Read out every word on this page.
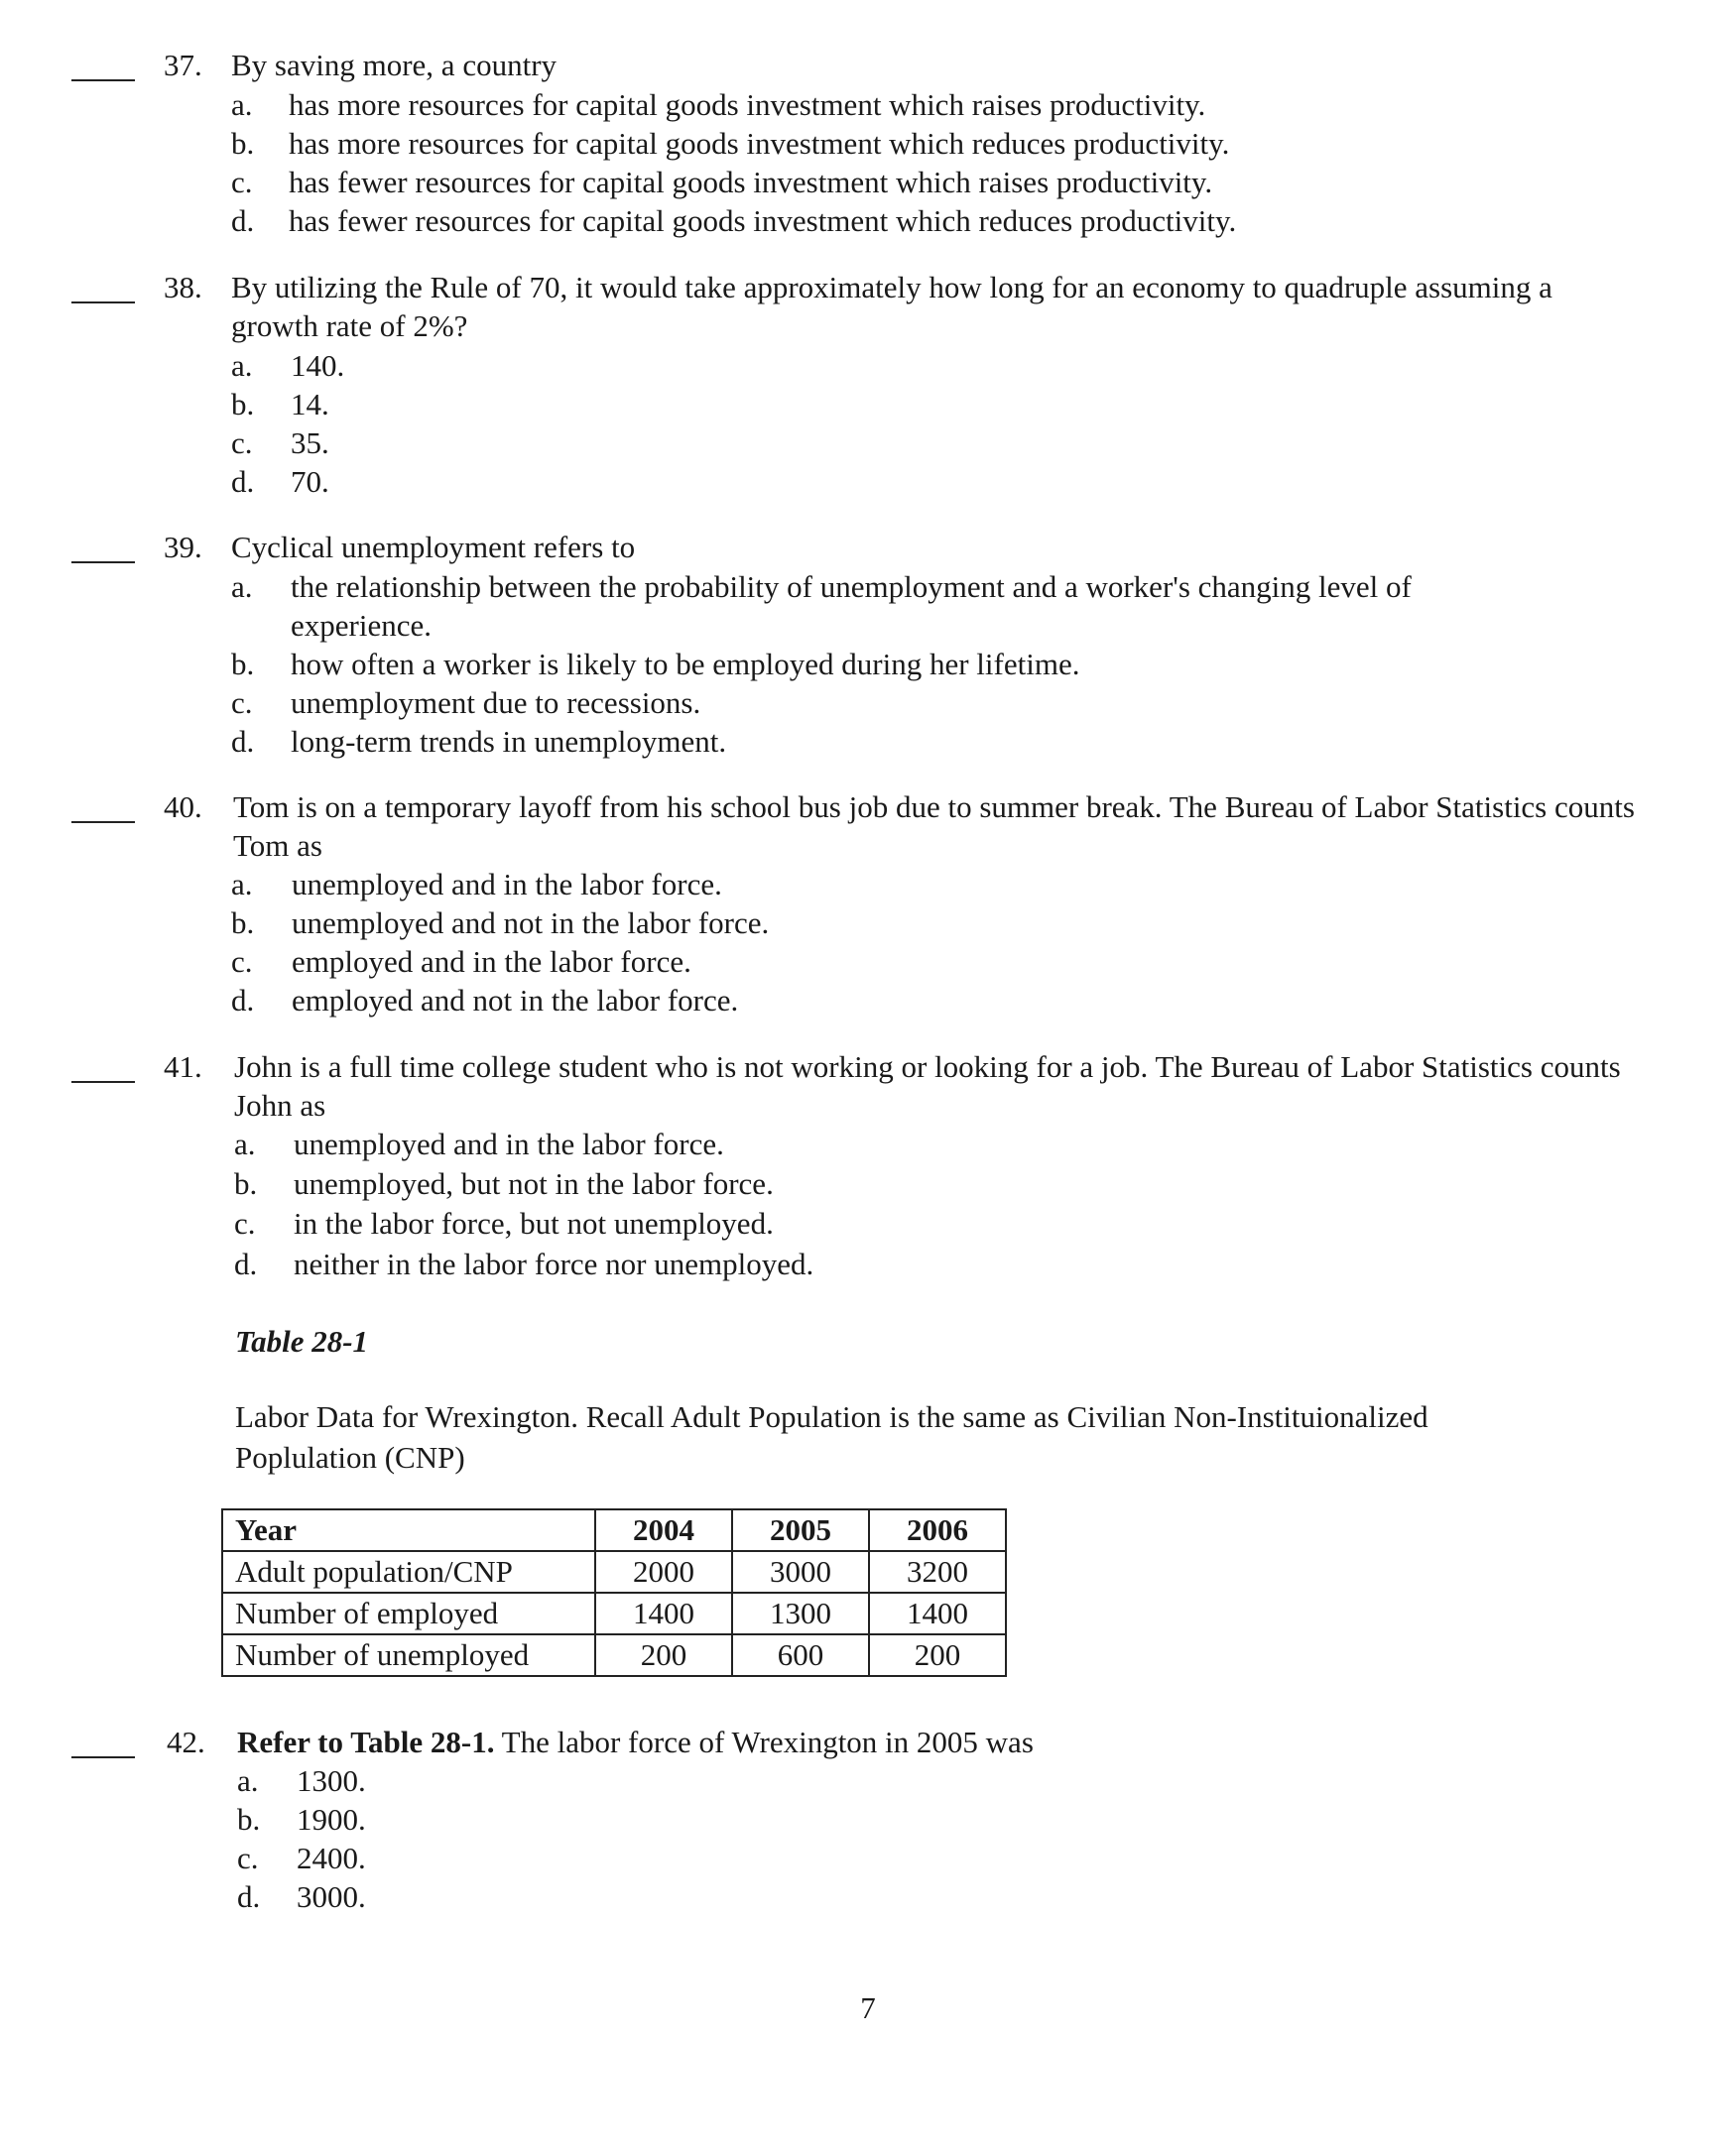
37. By saving more, a country
a.	has more resources for capital goods investment which raises productivity.
b.	has more resources for capital goods investment which reduces productivity.
c.	has fewer resources for capital goods investment which raises productivity.
d.	has fewer resources for capital goods investment which reduces productivity.
38. By utilizing the Rule of 70, it would take approximately how long for an economy to quadruple assuming a growth rate of 2%?
a.	140.
b.	14.
c.	35.
d.	70.
39. Cyclical unemployment refers to
a.	the relationship between the probability of unemployment and a worker's changing level of experience.
b.	how often a worker is likely to be employed during her lifetime.
c.	unemployment due to recessions.
d.	long-term trends in unemployment.
40. Tom is on a temporary layoff from his school bus job due to summer break. The Bureau of Labor Statistics counts Tom as
a.	unemployed and in the labor force.
b.	unemployed and not in the labor force.
c.	employed and in the labor force.
d.	employed and not in the labor force.
41. John is a full time college student who is not working or looking for a job. The Bureau of Labor Statistics counts John as
a.	unemployed and in the labor force.
b.	unemployed, but not in the labor force.
c.	in the labor force, but not unemployed.
d.	neither in the labor force nor unemployed.
Table 28-1
Labor Data for Wrexington. Recall Adult Population is the same as Civilian Non-Instituionalized Poplulation (CNP)
Year	2004	2005	2006
Adult population/CNP	2000	3000	3200
Number of employed	1400	1300	1400
Number of unemployed	200	600	200
42. Refer to Table 28-1. The labor force of Wrexington in 2005 was
a.	1300.
b.	1900.
c.	2400.
d.	3000.
7
